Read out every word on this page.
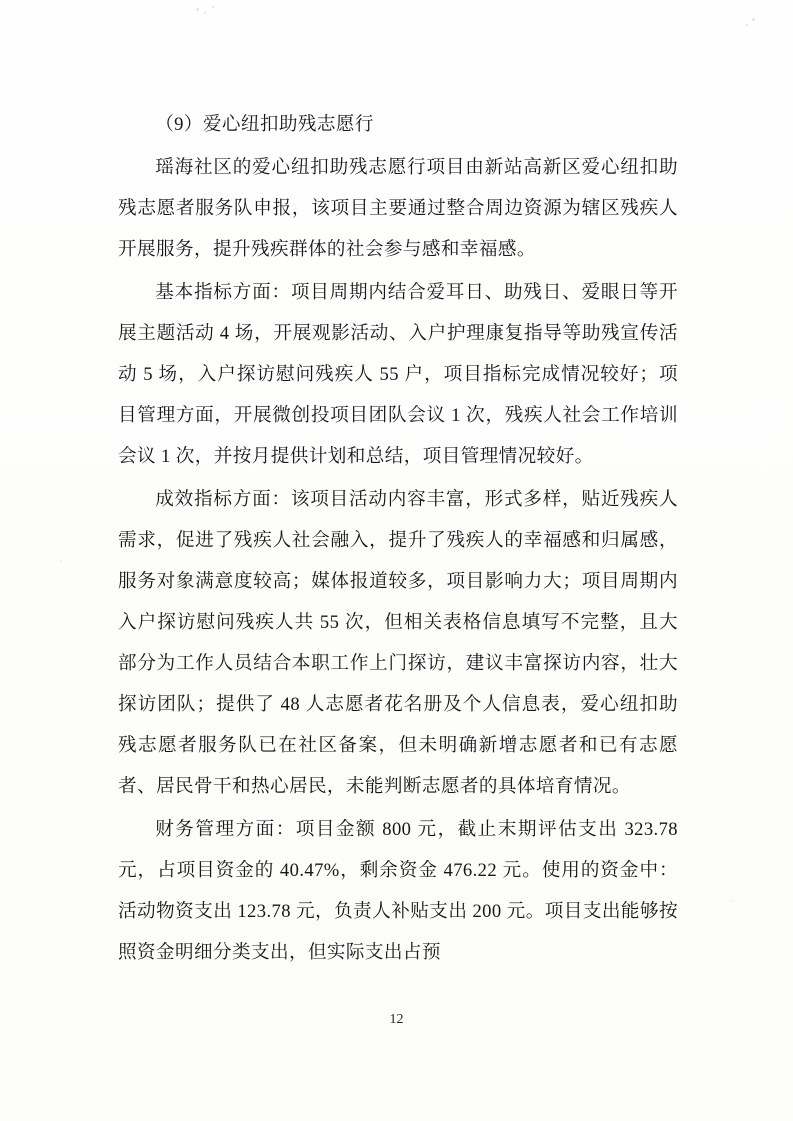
（9）爱心纽扣助残志愿行

瑶海社区的爱心纽扣助残志愿行项目由新站高新区爱心纽扣助残志愿者服务队申报，该项目主要通过整合周边资源为辖区残疾人开展服务，提升残疾群体的社会参与感和幸福感。

基本指标方面：项目周期内结合爱耳日、助残日、爱眼日等开展主题活动 4 场，开展观影活动、入户护理康复指导等助残宣传活动 5 场，入户探访慰问残疾人 55 户，项目指标完成情况较好；项目管理方面，开展微创投项目团队会议 1 次，残疾人社会工作培训会议 1 次，并按月提供计划和总结，项目管理情况较好。

成效指标方面：该项目活动内容丰富，形式多样，贴近残疾人需求，促进了残疾人社会融入，提升了残疾人的幸福感和归属感，服务对象满意度较高；媒体报道较多，项目影响力大；项目周期内入户探访慰问残疾人共 55 次，但相关表格信息填写不完整，且大部分为工作人员结合本职工作上门探访，建议丰富探访内容，壮大探访团队；提供了 48 人志愿者花名册及个人信息表，爱心纽扣助残志愿者服务队已在社区备案，但未明确新增志愿者和已有志愿者、居民骨干和热心居民，未能判断志愿者的具体培育情况。

财务管理方面：项目金额 800 元，截止末期评估支出 323.78 元，占项目资金的 40.47%，剩余资金 476.22 元。使用的资金中：活动物资支出 123.78 元，负责人补贴支出 200 元。项目支出能够按照资金明细分类支出，但实际支出占预

12
